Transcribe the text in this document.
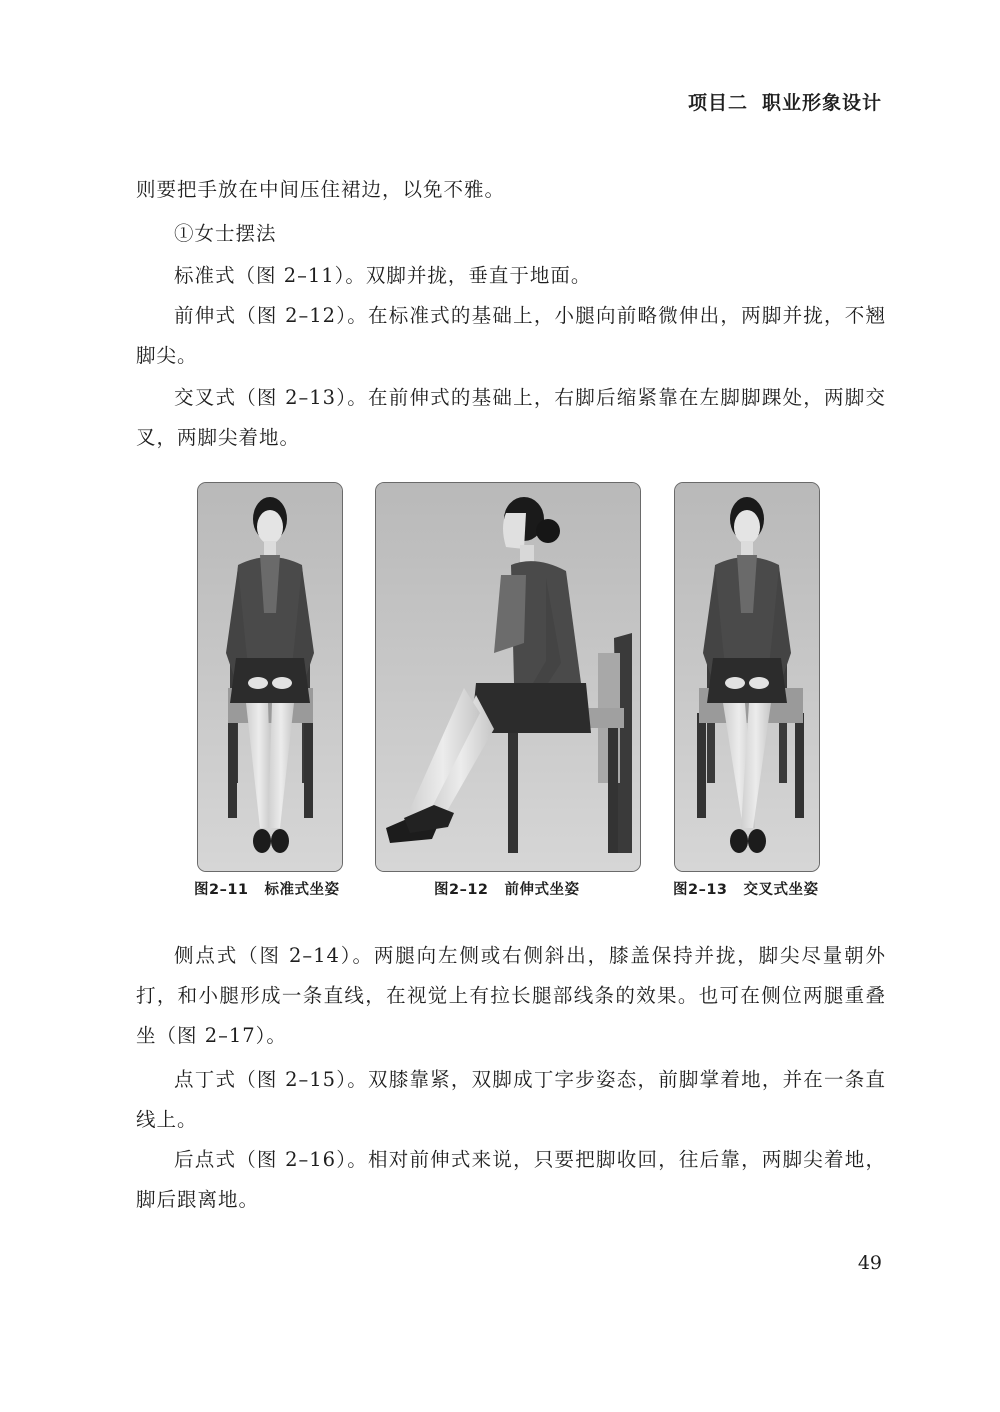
项目二 职业形象设计

则要把手放在中间压住裙边，以免不雅。

①女士摆法

标准式（图 2–11）。双脚并拢，垂直于地面。

前伸式（图 2–12）。在标准式的基础上，小腿向前略微伸出，两脚并拢，不翘脚尖。

交叉式（图 2–13）。在前伸式的基础上，右脚后缩紧靠在左脚脚踝处，两脚交叉，两脚尖着地。

图2–11 标准式坐姿	图2–12 前伸式坐姿	图2–13 交叉式坐姿

侧点式（图 2–14）。两腿向左侧或右侧斜出，膝盖保持并拢，脚尖尽量朝外打，和小腿形成一条直线，在视觉上有拉长腿部线条的效果。也可在侧位两腿重叠坐（图 2–17）。

点丁式（图 2–15）。双膝靠紧，双脚成丁字步姿态，前脚掌着地，并在一条直线上。

后点式（图 2–16）。相对前伸式来说，只要把脚收回，往后靠，两脚尖着地，脚后跟离地。

49
